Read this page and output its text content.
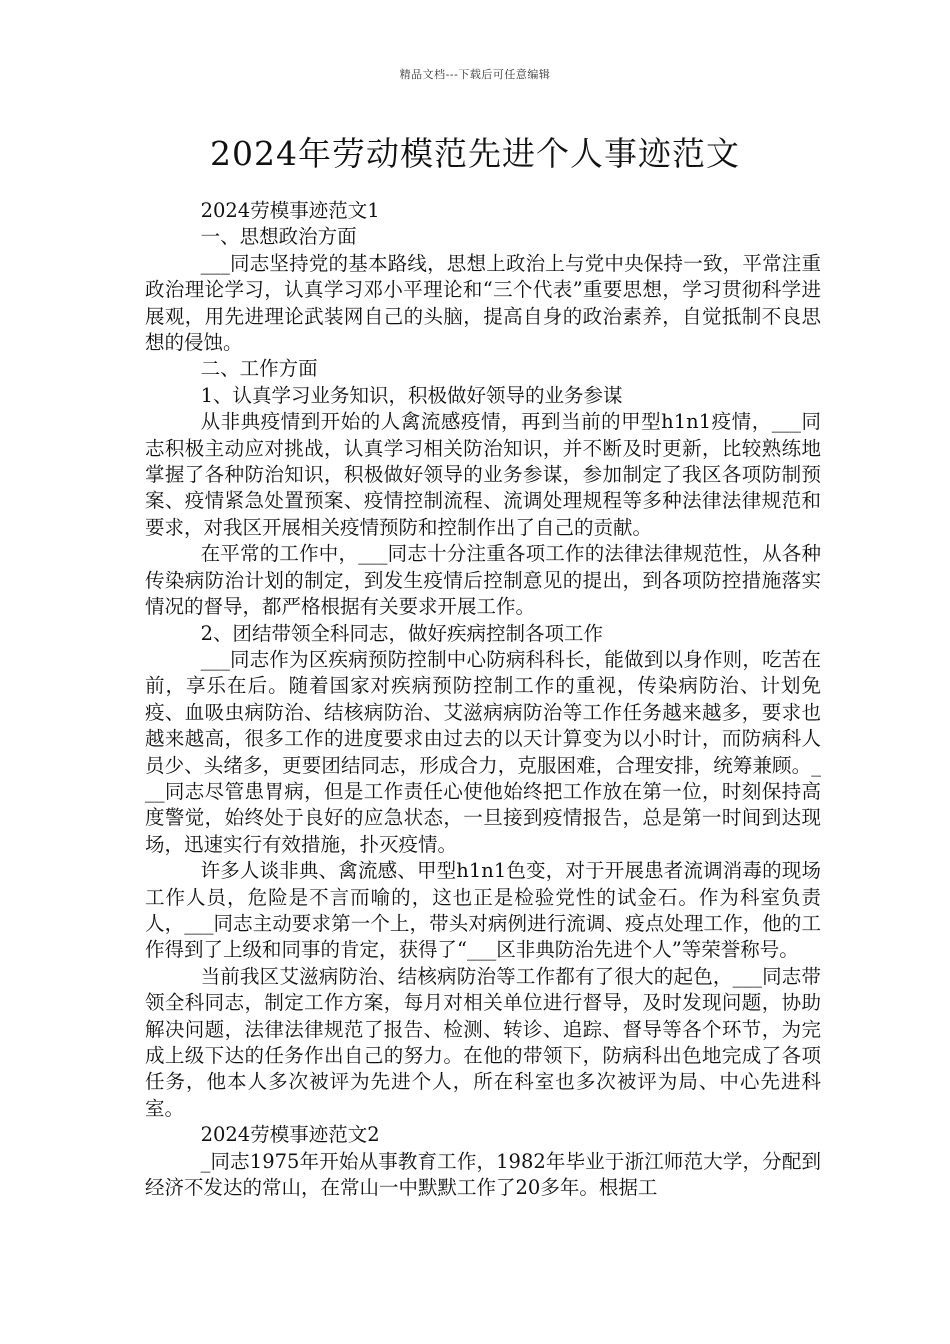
精品文档---下载后可任意编辑
2024年劳动模范先进个人事迹范文

2024劳模事迹范文1

一、思想政治方面

___同志坚持党的基本路线，思想上政治上与党中央保持一致，平常注重政治理论学习，认真学习邓小平理论和“三个代表”重要思想，学习贯彻科学进展观，用先进理论武装网自己的头脑，提高自身的政治素养，自觉抵制不良思想的侵蚀。

二、工作方面

1、认真学习业务知识，积极做好领导的业务参谋

从非典疫情到开始的人禽流感疫情，再到当前的甲型h1n1疫情，___同志积极主动应对挑战，认真学习相关防治知识，并不断及时更新，比较熟练地掌握了各种防治知识，积极做好领导的业务参谋，参加制定了我区各项防制预案、疫情紧急处置预案、疫情控制流程、流调处理规程等多种法律法律规范和要求，对我区开展相关疫情预防和控制作出了自己的贡献。

在平常的工作中，___同志十分注重各项工作的法律法律规范性，从各种传染病防治计划的制定，到发生疫情后控制意见的提出，到各项防控措施落实情况的督导，都严格根据有关要求开展工作。

2、团结带领全科同志，做好疾病控制各项工作

___同志作为区疾病预防控制中心防病科科长，能做到以身作则，吃苦在前，享乐在后。随着国家对疾病预防控制工作的重视，传染病防治、计划免疫、血吸虫病防治、结核病防治、艾滋病病防治等工作任务越来越多，要求也越来越高，很多工作的进度要求由过去的以天计算变为以小时计，而防病科人员少、头绪多，更要团结同志，形成合力，克服困难，合理安排，统筹兼顾。___同志尽管患胃病，但是工作责任心使他始终把工作放在第一位，时刻保持高度警觉，始终处于良好的应急状态，一旦接到疫情报告，总是第一时间到达现场，迅速实行有效措施，扑灭疫情。

许多人谈非典、禽流感、甲型h1n1色变，对于开展患者流调消毒的现场工作人员，危险是不言而喻的，这也正是检验党性的试金石。作为科室负责人，___同志主动要求第一个上，带头对病例进行流调、疫点处理工作，他的工作得到了上级和同事的肯定，获得了“___区非典防治先进个人”等荣誉称号。

当前我区艾滋病防治、结核病防治等工作都有了很大的起色，___同志带领全科同志，制定工作方案，每月对相关单位进行督导，及时发现问题，协助解决问题，法律法律规范了报告、检测、转诊、追踪、督导等各个环节，为完成上级下达的任务作出自己的努力。在他的带领下，防病科出色地完成了各项任务，他本人多次被评为先进个人，所在科室也多次被评为局、中心先进科室。

2024劳模事迹范文2

_同志1975年开始从事教育工作，1982年毕业于浙江师范大学，分配到经济不发达的常山，在常山一中默默工作了20多年。根据工
